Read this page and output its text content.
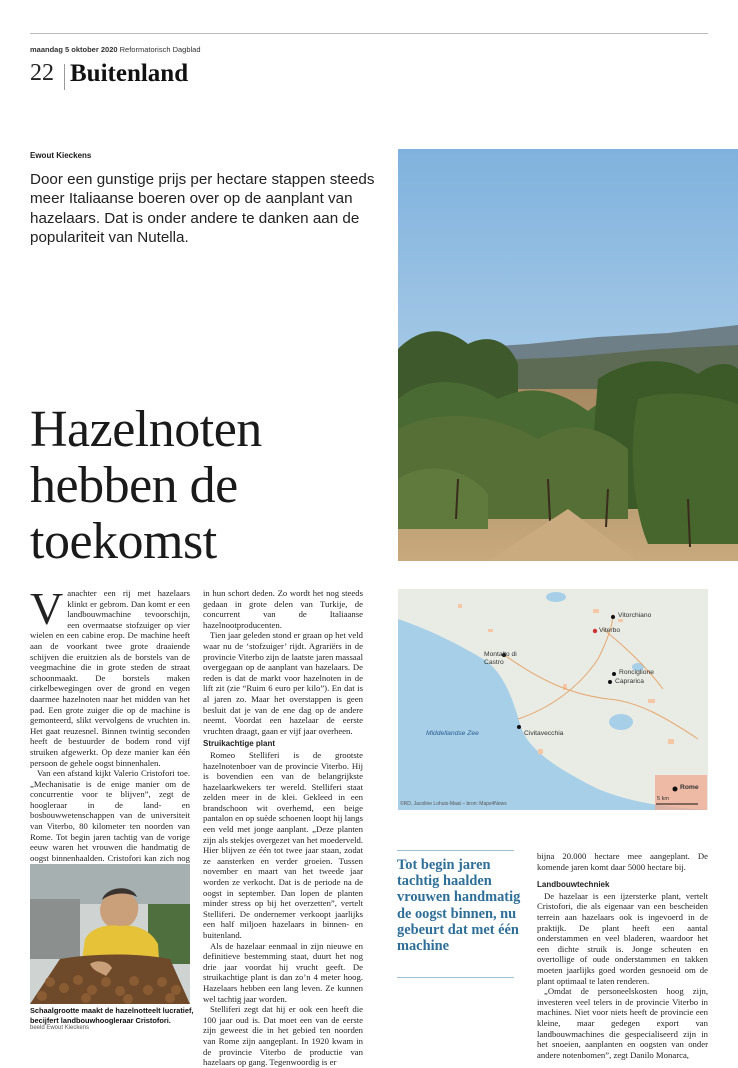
maandag 5 oktober 2020 Reformatorisch Dagblad
22 Buitenland
Ewout Kieckens
Door een gunstige prijs per hectare stappen steeds meer Italiaanse boeren over op de aanplant van hazelaars. Dat is onder andere te danken aan de populariteit van Nutella.
Hazelnoten
hebben de
toekomst
Vitorchiano
Viterbo
Montalto di Castro
Ronciglione
Caprarica
Civitavecchia
Rome
Middellandse Zee
5 km
©RD, Jacoline Lohuis-Maat – bron: Maps4News

Vanachter een rij met hazelaars klinkt er gebrom. Dan komt er een landbouwmachine tevoorschijn, een overmaatse stofzuiger op vier wielen en een cabine erop. De machine heeft aan de voorkant twee grote draaiende schijven die eruitzien als de borstels van de veegmachine die in grote steden de straat schoonmaakt. De borstels maken cirkelbewegingen over de grond en vegen daarmee hazelnoten naar het midden van het pad. Een grote zuiger die op de machine is gemonteerd, slikt vervolgens de vruchten in. Het gaat reuzesnel. Binnen twintig seconden heeft de bestuurder de bodem rond vijf struiken afgewerkt. Op deze manier kan één persoon de gehele oogst binnenhalen.

Van een afstand kijkt Valerio Cristofori toe. „Mechanisatie is de enige manier om de concurrentie voor te blijven”, zegt de hoogleraar in de land- en bosbouwwetenschappen van de universiteit van Viterbo, 80 kilometer ten noorden van Rome. Tot begin jaren tachtig van de vorige eeuw waren het vrouwen die handmatig de oogst binnenhaalden. Cristofori kan zich nog

Schaalgrootte maakt de hazelnotteelt lucratief, becijfert landbouwhoogleraar Cristofori.
beeld Ewout Kieckens

in hun schort deden. Zo wordt het nog steeds gedaan in grote delen van Turkije, de concurrent van de Italiaanse hazelnootproducenten.

Tien jaar geleden stond er graan op het veld waar nu de ‘stofzuiger’ rijdt. Agrariërs in de provincie Viterbo zijn de laatste jaren massaal overgegaan op de aanplant van hazelaars. De reden is dat de markt voor hazelnoten in de lift zit (zie “Ruim 6 euro per kilo”). En dat is al jaren zo. Maar het overstappen is geen besluit dat je van de ene dag op de andere neemt. Voordat een hazelaar de eerste vruchten draagt, gaan er vijf jaar overheen.

Struikachtige plant

Romeo Stelliferi is de grootste hazelnotenboer van de provincie Viterbo. Hij is bovendien een van de belangrijkste hazelaarkwekers ter wereld. Stelliferi staat zelden meer in de klei. Gekleed in een brandschoon wit overhemd, een beige pantalon en op suède schoenen loopt hij langs een veld met jonge aanplant. „Deze planten zijn als stekjes overgezet van het moederveld. Hier blijven ze één tot twee jaar staan, zodat ze aansterken en verder groeien. Tussen november en maart van het tweede jaar worden ze verkocht. Dat is de periode na de oogst in september. Dan lopen de planten minder stress op bij het overzetten”, vertelt Stelliferi. De ondernemer verkoopt jaarlijks een half miljoen hazelaars in binnen- en buitenland.

Als de hazelaar eenmaal in zijn nieuwe en definitieve bestemming staat, duurt het nog drie jaar voordat hij vrucht geeft. De struikachtige plant is dan zo’n 4 meter hoog. Hazelaars hebben een lang leven. Ze kunnen wel tachtig jaar worden.

Stelliferi zegt dat hij er ook een heeft die 100 jaar oud is. Dat moet een van de eerste zijn geweest die in het gebied ten noorden van Rome zijn aangeplant. In 1920 kwam in de provincie Viterbo de productie van hazelaars op gang. Tegenwoordig is er

Tot begin jaren tachtig haalden vrouwen handmatig de oogst binnen, nu gebeurt dat met één machine

bijna 20.000 hectare mee aangeplant. De komende jaren komt daar 5000 hectare bij.

Landbouwtechniek

De hazelaar is een ijzersterke plant, vertelt Cristofori, die als eigenaar van een bescheiden terrein aan hazelaars ook is ingevoerd in de praktijk. De plant heeft een aantal onderstammen en veel bladeren, waardoor het een dichte struik is. Jonge scheuten en overtollige of oude onderstammen en takken moeten jaarlijks goed worden gesnoeid om de plant optimaal te laten renderen.

„Omdat de personeelskosten hoog zijn, investeren veel telers in de provincie Viterbo in machines. Niet voor niets heeft de provincie een kleine, maar gedegen export van landbouwmachines die gespecialiseerd zijn in het snoeien, aanplanten en oogsten van onder andere notenbomen”, zegt Danilo Monarca,
